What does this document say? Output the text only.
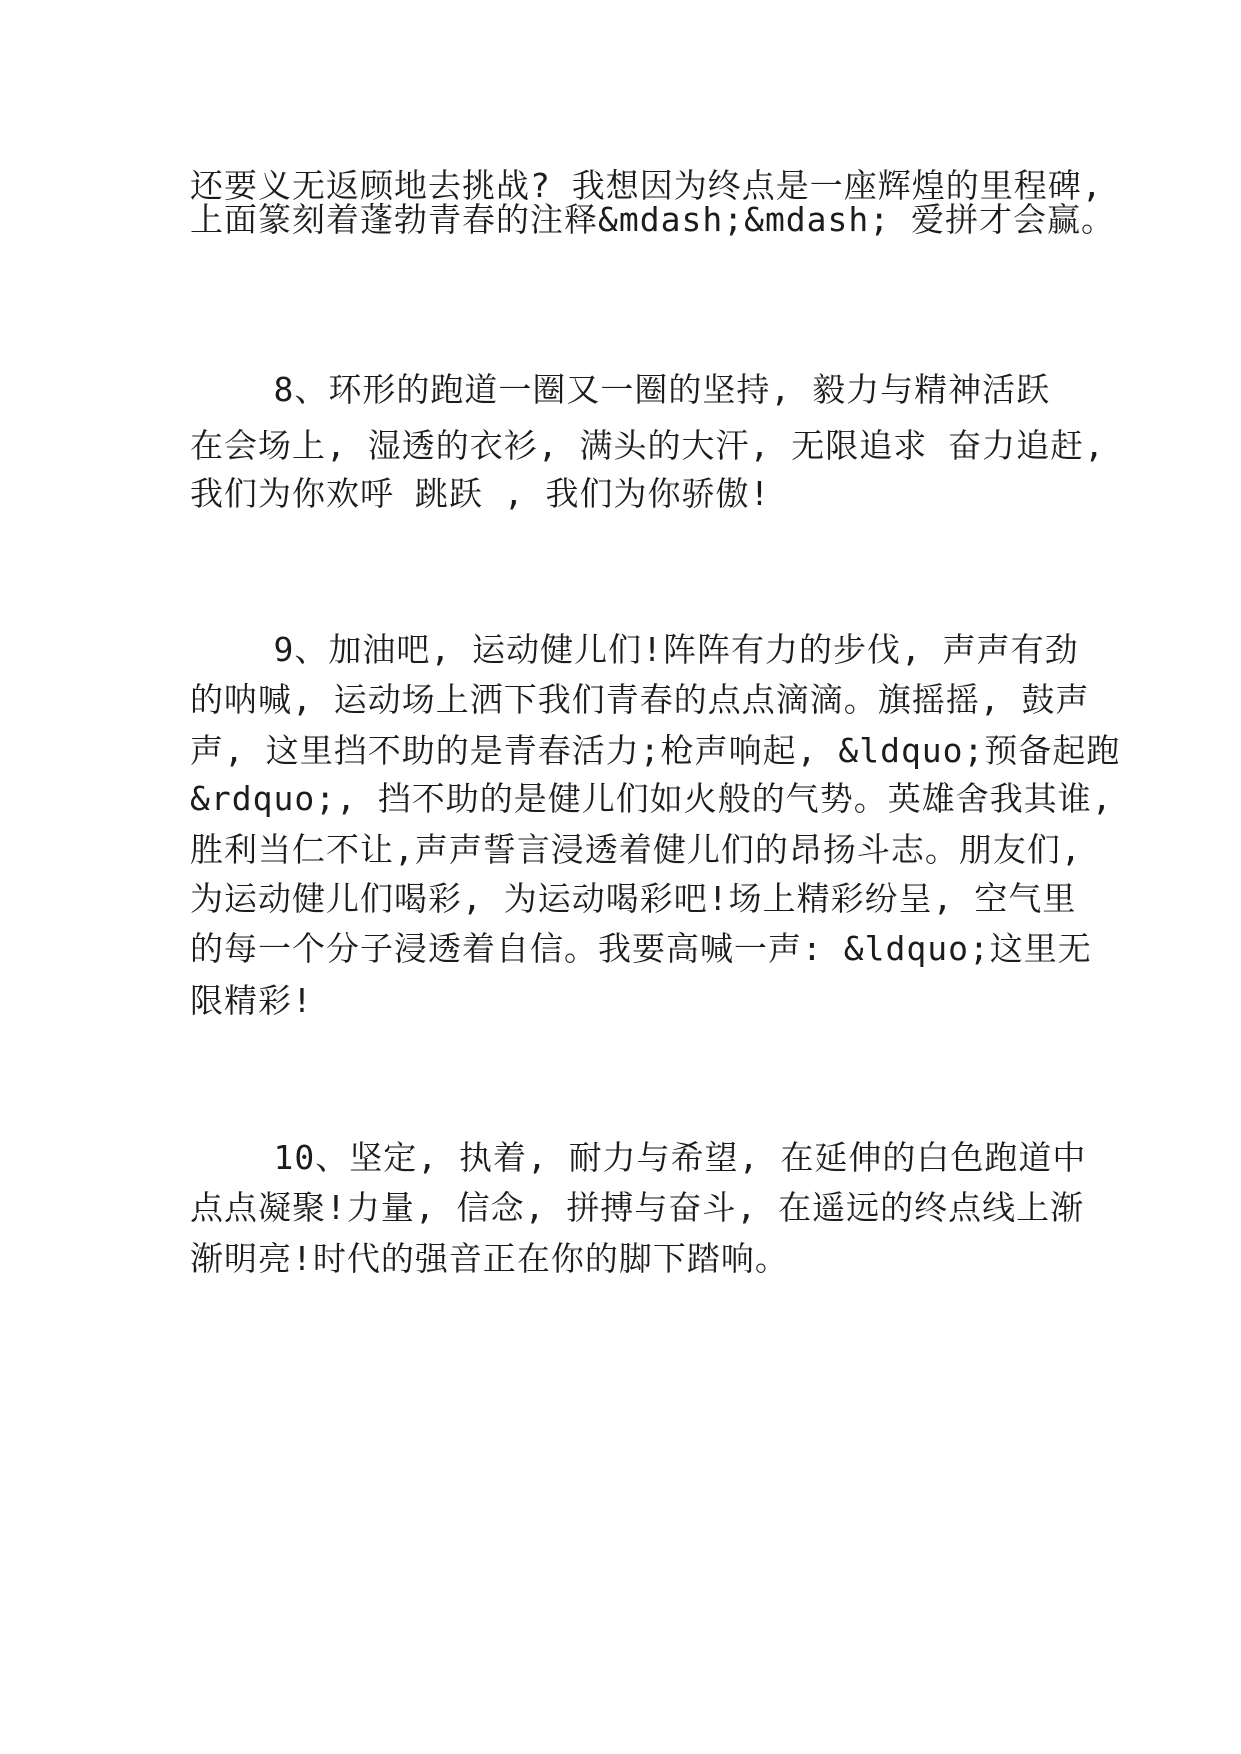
还要义无返顾地去挑战? 我想因为终点是一座辉煌的里程碑,
上面篆刻着蓬勃青春的注释&mdash;&mdash; 爱拼才会赢。
8、环形的跑道一圈又一圈的坚持, 毅力与精神活跃
在会场上, 湿透的衣衫, 满头的大汗, 无限追求 奋力追赶,
我们为你欢呼 跳跃 , 我们为你骄傲!
9、加油吧, 运动健儿们!阵阵有力的步伐, 声声有劲
的呐喊, 运动场上洒下我们青春的点点滴滴。旗摇摇, 鼓声
声, 这里挡不助的是青春活力;枪声响起, &ldquo;预备起跑
&rdquo;, 挡不助的是健儿们如火般的气势。英雄舍我其谁,
胜利当仁不让,声声誓言浸透着健儿们的昂扬斗志。朋友们,
为运动健儿们喝彩, 为运动喝彩吧!场上精彩纷呈, 空气里
的每一个分子浸透着自信。我要高喊一声: &ldquo;这里无
限精彩!
10、坚定, 执着, 耐力与希望, 在延伸的白色跑道中
点点凝聚!力量, 信念, 拼搏与奋斗, 在遥远的终点线上渐
渐明亮!时代的强音正在你的脚下踏响。
